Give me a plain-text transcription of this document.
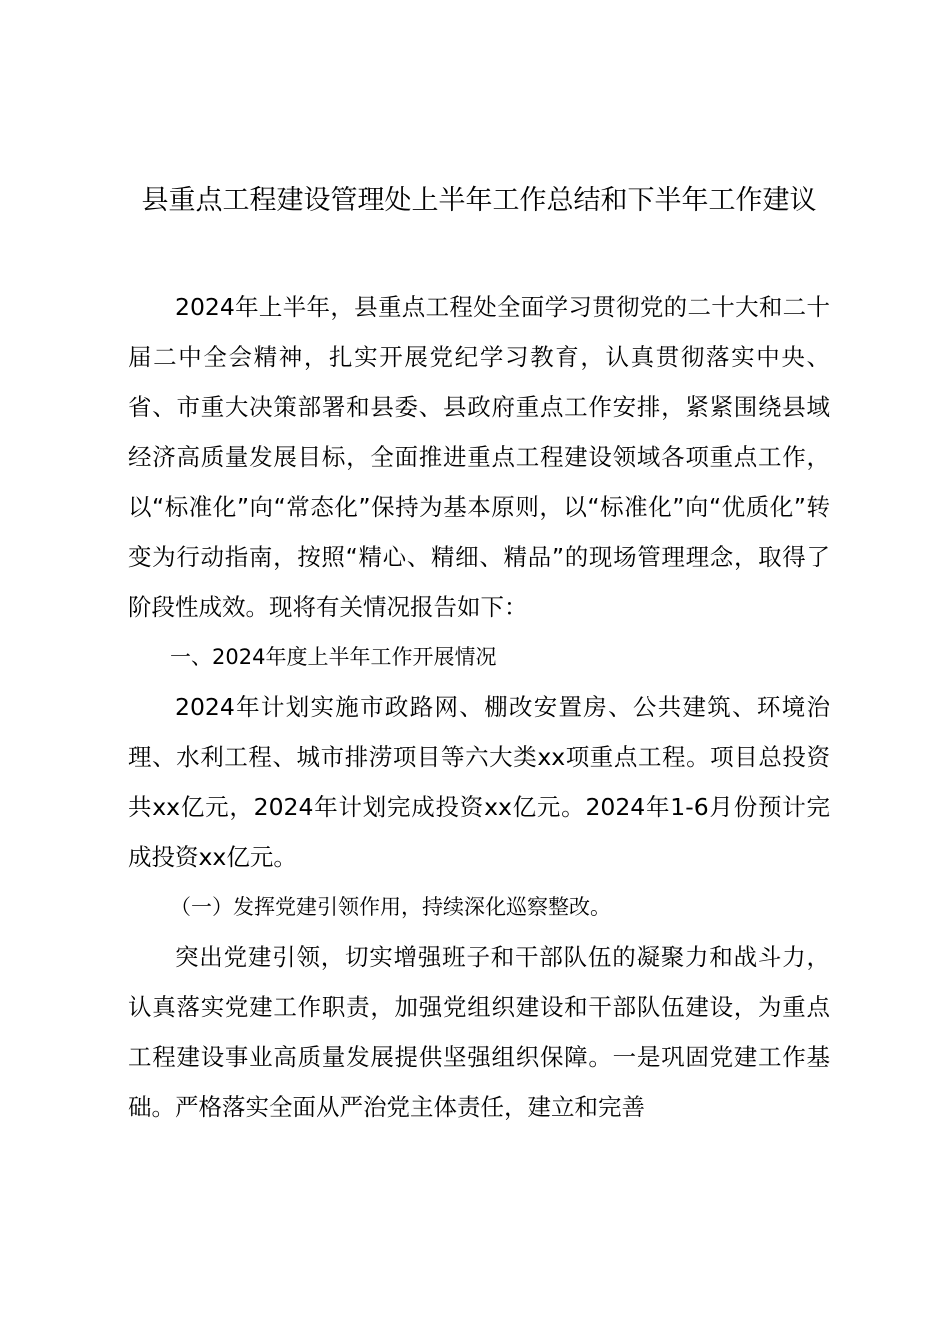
县重点工程建设管理处上半年工作总结和下半年工作建议

2024年上半年，县重点工程处全面学习贯彻党的二十大和二十届二中全会精神，扎实开展党纪学习教育，认真贯彻落实中央、省、市重大决策部署和县委、县政府重点工作安排，紧紧围绕县域经济高质量发展目标，全面推进重点工程建设领域各项重点工作，以“标准化”向“常态化”保持为基本原则，以“标准化”向“优质化”转变为行动指南，按照“精心、精细、精品”的现场管理理念，取得了阶段性成效。现将有关情况报告如下：

一、2024年度上半年工作开展情况

2024年计划实施市政路网、棚改安置房、公共建筑、环境治理、水利工程、城市排涝项目等六大类xx项重点工程。项目总投资共xx亿元，2024年计划完成投资xx亿元。2024年1-6月份预计完成投资xx亿元。

（一）发挥党建引领作用，持续深化巡察整改。

突出党建引领，切实增强班子和干部队伍的凝聚力和战斗力，认真落实党建工作职责，加强党组织建设和干部队伍建设，为重点工程建设事业高质量发展提供坚强组织保障。一是巩固党建工作基础。严格落实全面从严治党主体责任，建立和完善
